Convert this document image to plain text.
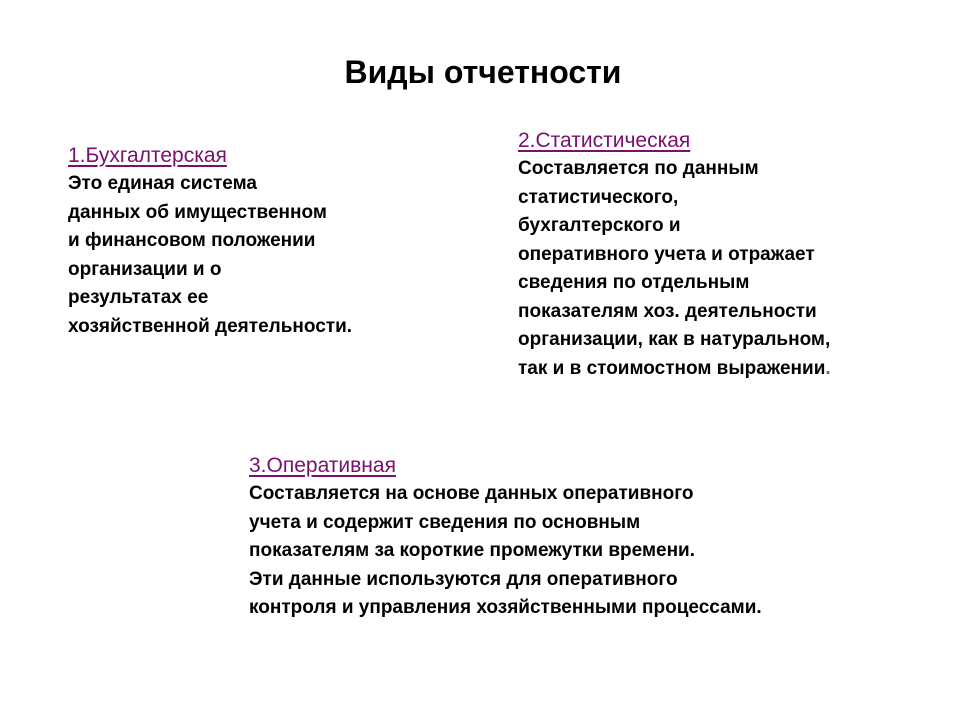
Виды отчетности
1.Бухгалтерская
Это единая система
данных об имущественном
и финансовом положении
организации и о
результатах ее
хозяйственной деятельности.
2.Статистическая
Составляется по данным
статистического,
бухгалтерского и
оперативного учета и отражает
сведения по отдельным
показателям хоз. деятельности
организации, как в натуральном,
так и в стоимостном выражении.
3.Оперативная
Составляется на основе данных оперативного
учета и содержит сведения по основным
показателям за короткие промежутки времени.
Эти данные используются для оперативного
контроля и управления хозяйственными процессами.
